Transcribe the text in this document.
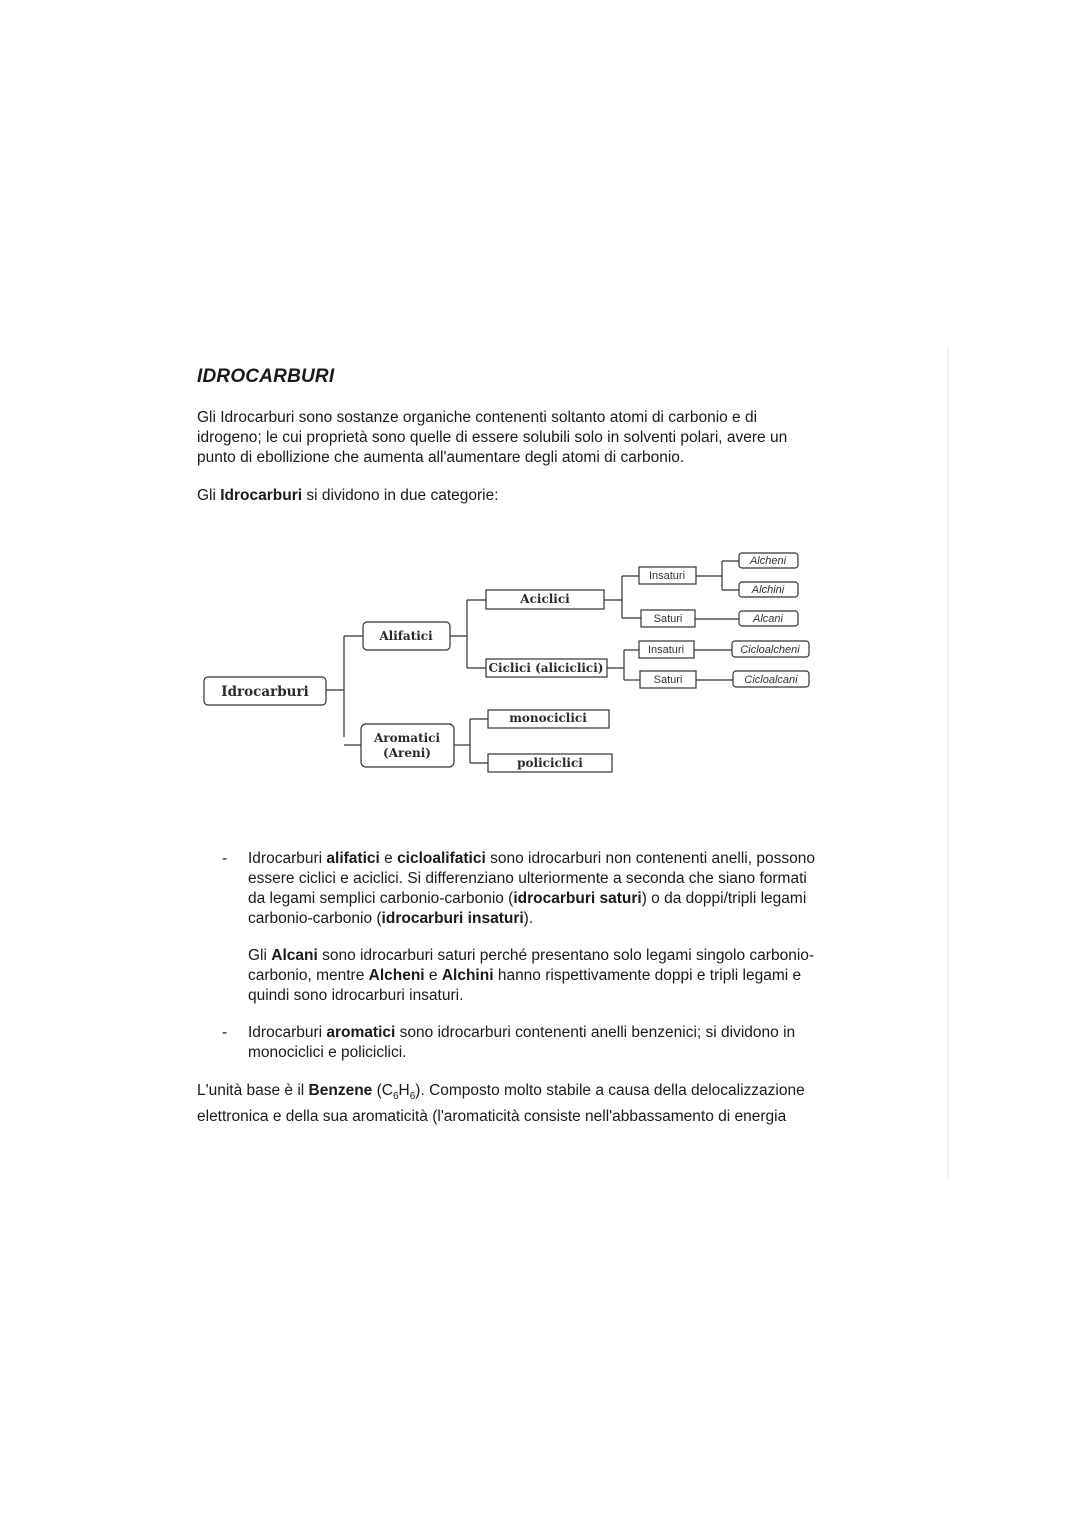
IDROCARBURI

Gli Idrocarburi sono sostanze organiche contenenti soltanto atomi di carbonio e di
idrogeno; le cui proprietà sono quelle di essere solubili solo in solventi polari, avere un
punto di ebollizione che aumenta all'aumentare degli atomi di carbonio.

Gli Idrocarburi si dividono in due categorie:

Idrocarburi
Alifatici
Aromatici
(Areni)
Aciclici
Ciclici (aliciclici)
monociclici
policiclici
Insaturi
Saturi
Insaturi
Saturi
Alcheni
Alchini
Alcani
Cicloalcheni
Cicloalcani
- Idrocarburi alifatici e cicloalifatici sono idrocarburi non contenenti anelli, possono
essere ciclici e aciclici. Si differenziano ulteriormente a seconda che siano formati
da legami semplici carbonio-carbonio (idrocarburi saturi) o da doppi/tripli legami
carbonio-carbonio (idrocarburi insaturi).

Gli Alcani sono idrocarburi saturi perché presentano solo legami singolo carbonio-
carbonio, mentre Alcheni e Alchini hanno rispettivamente doppi e tripli legami e
quindi sono idrocarburi insaturi.

- Idrocarburi aromatici sono idrocarburi contenenti anelli benzenici; si dividono in
monociclici e policiclici.

L'unità base è il Benzene $(C_6H_6)$. Composto molto stabile a causa della delocalizzazione
elettronica e della sua aromaticità (l'aromaticità consiste nell'abbassamento di energia
